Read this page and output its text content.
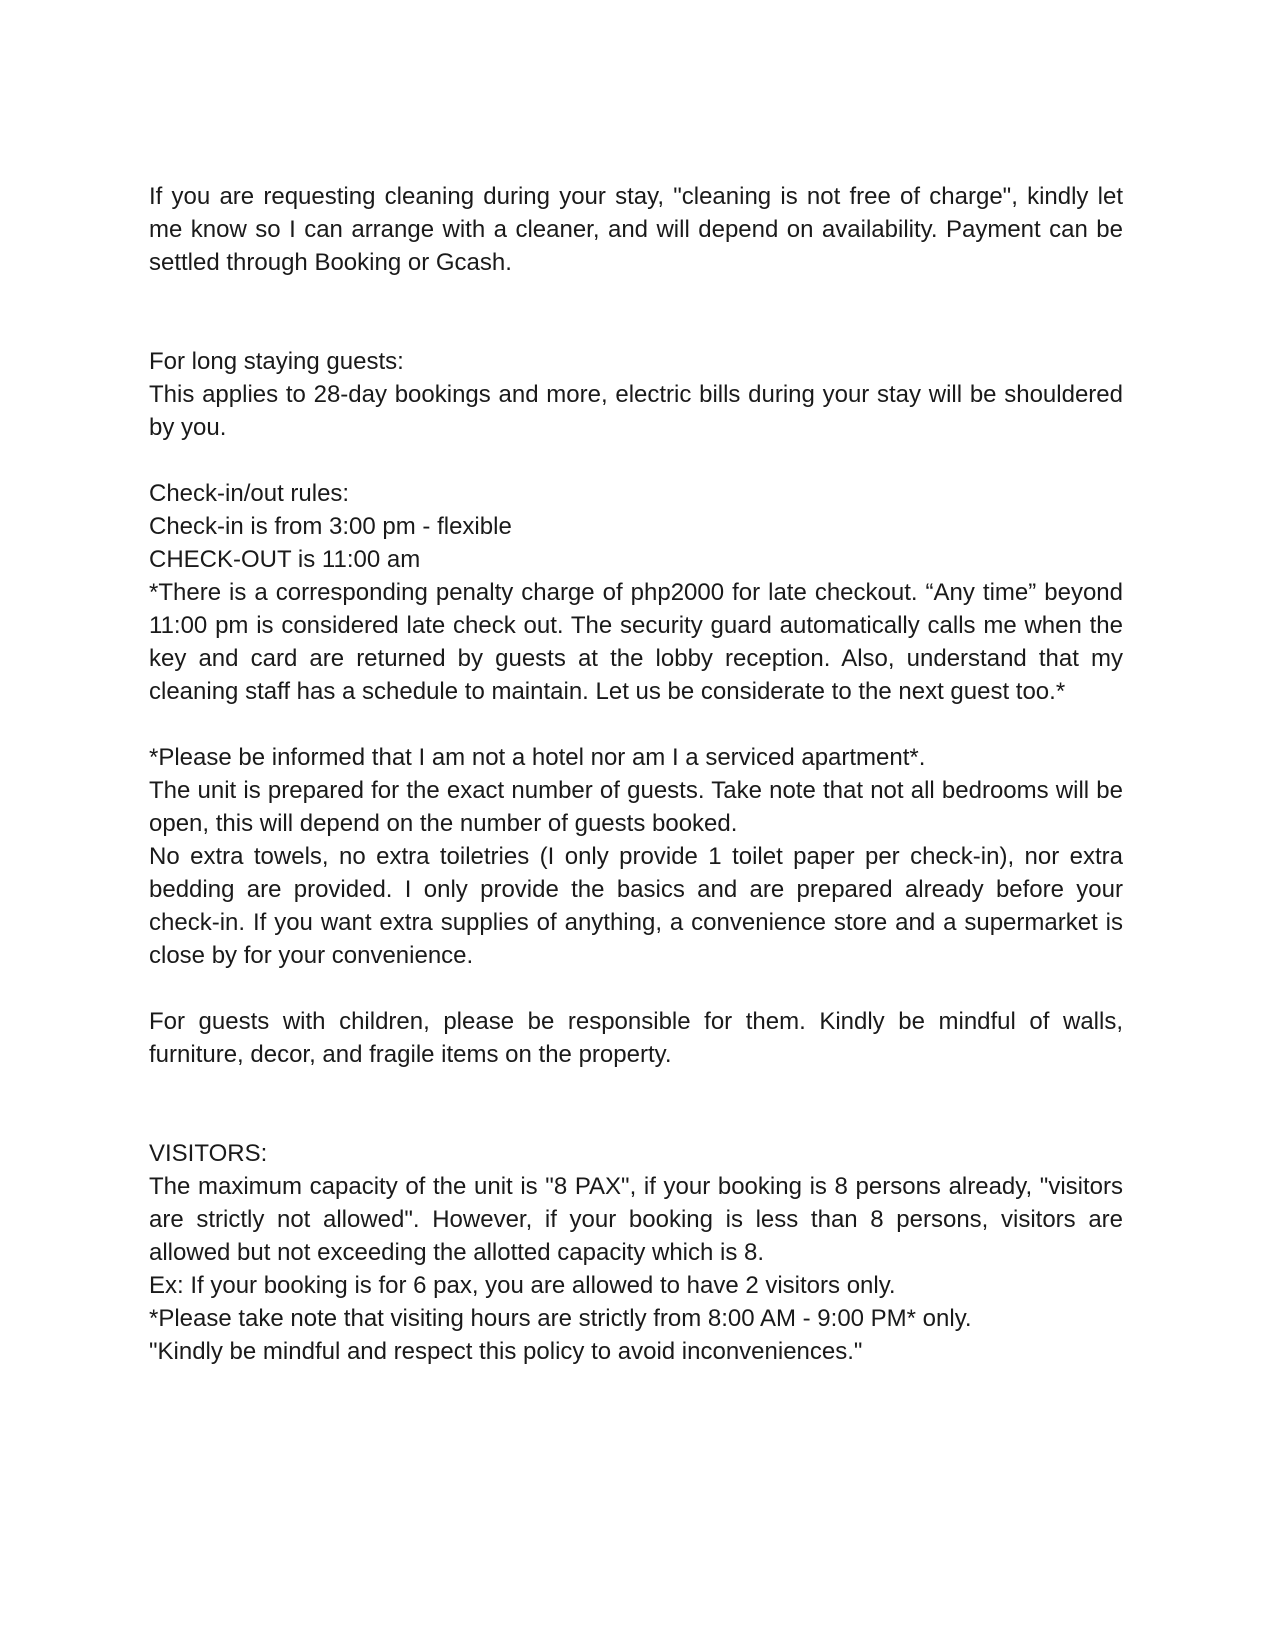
If you are requesting cleaning during your stay, "cleaning is not free of charge", kindly let me know so I can arrange with a cleaner, and will depend on availability. Payment can be settled through Booking or Gcash.

For long staying guests:

This applies to 28-day bookings and more, electric bills during your stay will be shouldered by you.

Check-in/out rules:

Check-in is from 3:00 pm - flexible

CHECK-OUT is 11:00 am

*There is a corresponding penalty charge of php2000 for late checkout. “Any time” beyond 11:00 pm is considered late check out. The security guard automatically calls me when the key and card are returned by guests at the lobby reception. Also, understand that my cleaning staff has a schedule to maintain. Let us be considerate to the next guest too.*

*Please be informed that I am not a hotel nor am I a serviced apartment*.

The unit is prepared for the exact number of guests. Take note that not all bedrooms will be open, this will depend on the number of guests booked.

No extra towels, no extra toiletries (I only provide 1 toilet paper per check-in), nor extra bedding are provided. I only provide the basics and are prepared already before your check-in. If you want extra supplies of anything, a convenience store and a supermarket is close by for your convenience.

For guests with children, please be responsible for them. Kindly be mindful of walls, furniture, decor, and fragile items on the property.

VISITORS:

The maximum capacity of the unit is "8 PAX", if your booking is 8 persons already, "visitors are strictly not allowed". However, if your booking is less than 8 persons, visitors are allowed but not exceeding the allotted capacity which is 8.

Ex: If your booking is for 6 pax, you are allowed to have 2 visitors only.

*Please take note that visiting hours are strictly from 8:00 AM - 9:00 PM* only.

"Kindly be mindful and respect this policy to avoid inconveniences."
